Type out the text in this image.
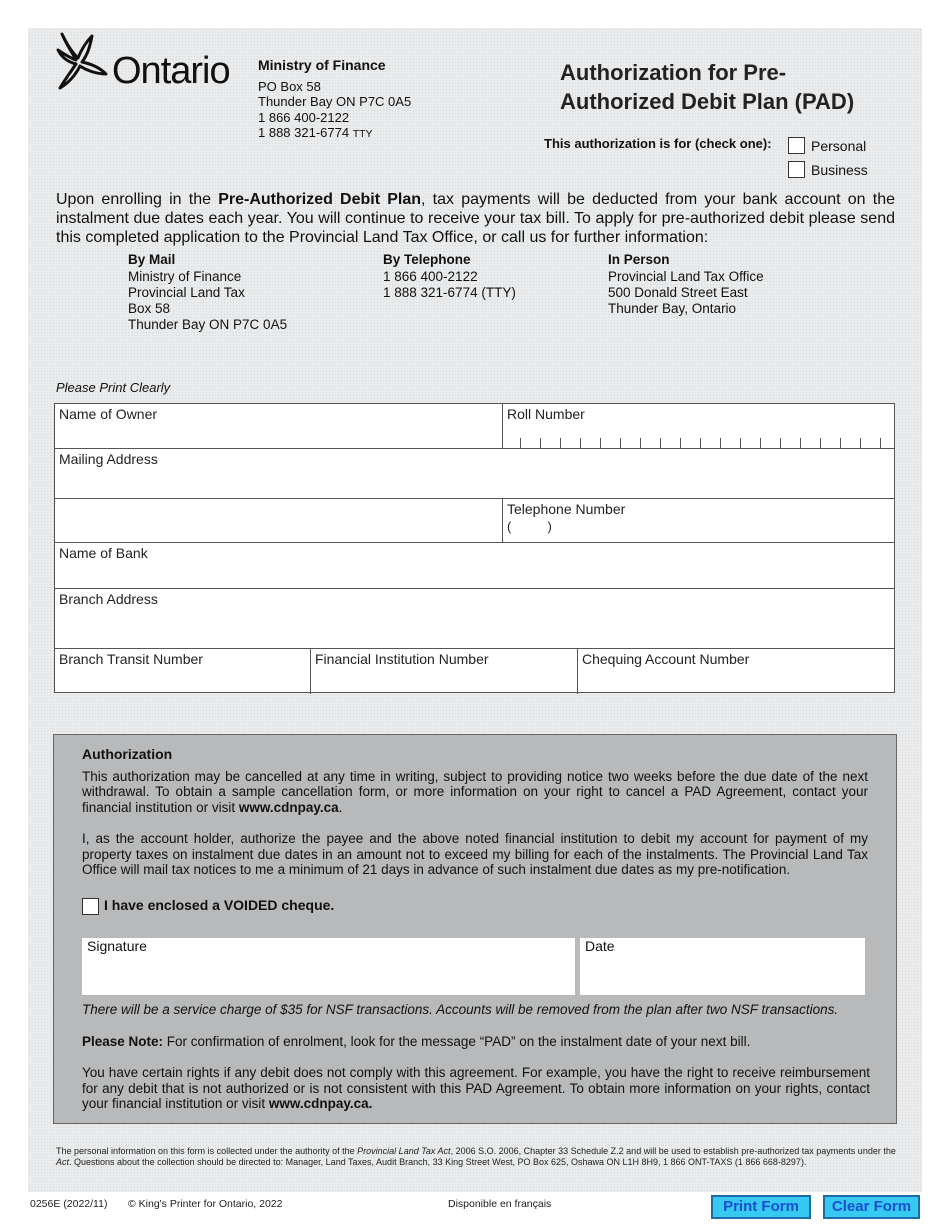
Ontario Ministry of Finance
PO Box 58
Thunder Bay ON P7C 0A5
1 866 400-2122
1 888 321-6774 TTY
Authorization for Pre-
Authorized Debit Plan (PAD)
This authorization is for (check one):	Personal
Business
Upon enrolling in the Pre-Authorized Debit Plan, tax payments will be deducted from your bank account on the instalment due dates each year. You will continue to receive your tax bill. To apply for pre-authorized debit please send this completed application to the Provincial Land Tax Office, or call us for further information:
By Mail
Ministry of Finance
Provincial Land Tax
Box 58
Thunder Bay ON P7C 0A5
By Telephone
1 866 400-2122
1 888 321-6774 (TTY)
In Person
Provincial Land Tax Office
500 Donald Street East
Thunder Bay, Ontario
Please Print Clearly
Name of Owner	Roll Number
Mailing Address
Telephone Number
(          )
Name of Bank
Branch Address
Branch Transit Number	Financial Institution Number	Chequing Account Number

Authorization

This authorization may be cancelled at any time in writing, subject to providing notice two weeks before the due date of the next withdrawal. To obtain a sample cancellation form, or more information on your right to cancel a PAD Agreement, contact your financial institution or visit www.cdnpay.ca.

I, as the account holder, authorize the payee and the above noted financial institution to debit my account for payment of my property taxes on instalment due dates in an amount not to exceed my billing for each of the instalments. The Provincial Land Tax Office will mail tax notices to me a minimum of 21 days in advance of such instalment due dates as my pre-notification.

I have enclosed a VOIDED cheque.
Signature	Date

There will be a service charge of $35 for NSF transactions. Accounts will be removed from the plan after two NSF transactions.

Please Note: For confirmation of enrolment, look for the message “PAD” on the instalment date of your next bill.

You have certain rights if any debit does not comply with this agreement. For example, you have the right to receive reimbursement for any debit that is not authorized or is not consistent with this PAD Agreement. To obtain more information on your rights, contact your financial institution or visit www.cdnpay.ca.

The personal information on this form is collected under the authority of the Provincial Land Tax Act, 2006 S.O. 2006, Chapter 33 Schedule Z.2 and will be used to establish pre-authorized tax payments under the Act. Questions about the collection should be directed to: Manager, Land Taxes, Audit Branch, 33 King Street West, PO Box 625, Oshawa ON L1H 8H9, 1 866 ONT-TAXS (1 866 668-8297).
0256E (2022/11) © King's Printer for Ontario, 2022	Disponible en français	Print Form	Clear Form
